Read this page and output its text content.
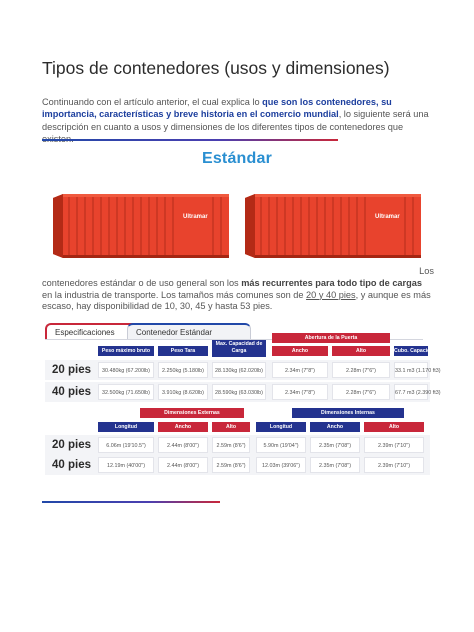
Tipos de contenedores (usos y dimensiones)
Continuando con el artículo anterior, el cual explica lo que son los contenedores, su importancia, características y breve historia en el comercio mundial, lo siguiente será una descripción en cuanto a usos y dimensiones de los diferentes tipos de contenedores que
Estándar
Ultramar	Ultramar
Los
contenedores estándar o de uso general son los más recurrentes para todo tipo de cargas en la industria de transporte. Los tamaños más comunes son de 20 y 40 pies, y aunque es más escaso, hay disponibilidad de 10, 30, 45 y hasta 53 pies.
Especificaciones	Contenedor Estándar
Abertura de la Puerta
Peso máximo bruto	Peso Tara
Max. Capacidad de Carga	Ancho	Alto	Cubo. Capacidad
20 pies	30.480kg (67.200lb)	2.250kg (5.180lb)	28.130kg (62.020lb)	2.34m (7"8")	2.28m (7"6")	33.1 m3 (1.170 ft3)
40 pies	32.500kg (71.650lb)	3.910kg (8.620lb)	28.590kg (63.030lb)	2.34m (7"8")	2.28m (7"6")	67.7 m3 (2.390 ft3)
Dimensiones Externas	Dimensiones Internas
Longitud	Ancho	Alto	Longitud	Ancho	Alto
20 pies	6.06m (19'10.5")	2.44m (8'00")	2.59m (8'6")	5.90m (19'04")	2.35m (7'08")	2.39m (7'10")
40 pies	12.19m (40'00")	2.44m (8'00")	2.59m (8'6")	12.03m (39'06")	2.35m (7'08")	2.39m (7'10")
